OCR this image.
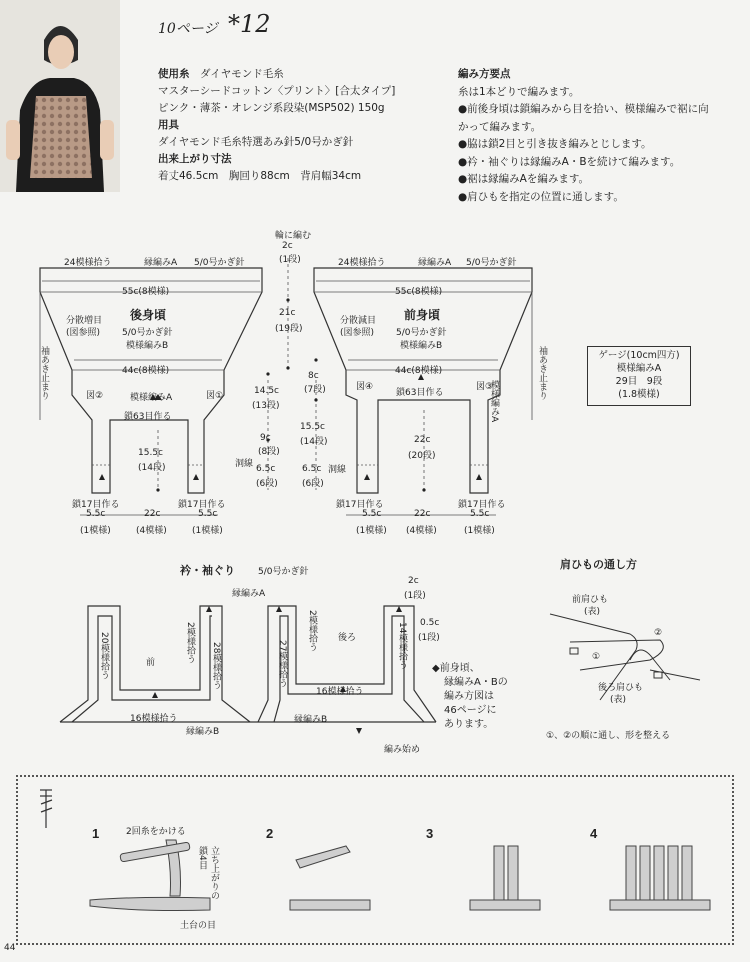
10ページ *12
使用糸　 ダイヤモンド毛糸
マスターシードコットン〈プリント〉[合太タイプ]
ピンク・薄茶・オレンジ系段染(MSP502) 150g
用具
ダイヤモンド毛糸特選あみ針5/0号かぎ針
出来上がり寸法
着丈46.5cm　胸回り88cm　背肩幅34cm
編み方要点
糸は1本どりで編みます。
●前後身頃は鎖編みから目を拾い、模様編みで裾に向
かって編みます。
●脇は鎖2目と引き抜き編みとじします。
●衿・袖ぐりは縁編みA・Bを続けて編みます。
●裾は縁編みAを編みます。
●肩ひもを指定の位置に通します。
輪に編む
2c
(1段)
24模様拾う	縁編みA 5/0号かぎ針	24模様拾う	縁編みA 5/0号かぎ針
55c(8模様)	55c(8模様)
後身頃
5/0号かぎ針
模様編みB
前身頃
5/0号かぎ針
模様編みB
分散増目
(図参照)
分散減目
(図参照)
44c(8模様)	44c(8模様)
模様編みA	図①
図②
図③
図④
鎖63目作る
鎖63目作る	模様編みA
袖あき止まり	袖あき止まり
21c
(19段)
8c
(7段)
14.5c
(13段)
15.5c
(14段)
9c
(8段)
6.5c
(6段)
6.5c
(6段)
15.5c
(14段)
22c
(20段)
洞線
洞線
鎖17目作る	鎖17目作る	鎖17目作る	鎖17目作る
5.5c
(1模様)
22c
(4模様)
5.5c
(1模様)
5.5c
(1模様)
22c
(4模様)
5.5c
(1模様)
ゲージ(10cm四方)
模様編みA
29目　9段
(1.8模様)
衿・袖ぐり	5/0号かぎ針
縁編みA
20模様拾う	2模様拾う 28模様拾う	27模様拾う
2模様拾う	14模様拾う
前
後ろ
16模様拾う
16模様拾う
縁編みB
縁編みB
2c
(1段)
0.5c
(1段)
編み始め
◆前身頃、
縁編みA・Bの
編み方図は
46ページに
あります。
肩ひもの通し方
前肩ひも
(表)
後ろ肩ひも
(表)
①
②
①、②の順に通し、形を整える
1	2	3	4
2回糸をかける
立ち上がりの
鎖4目
土台の目
44
